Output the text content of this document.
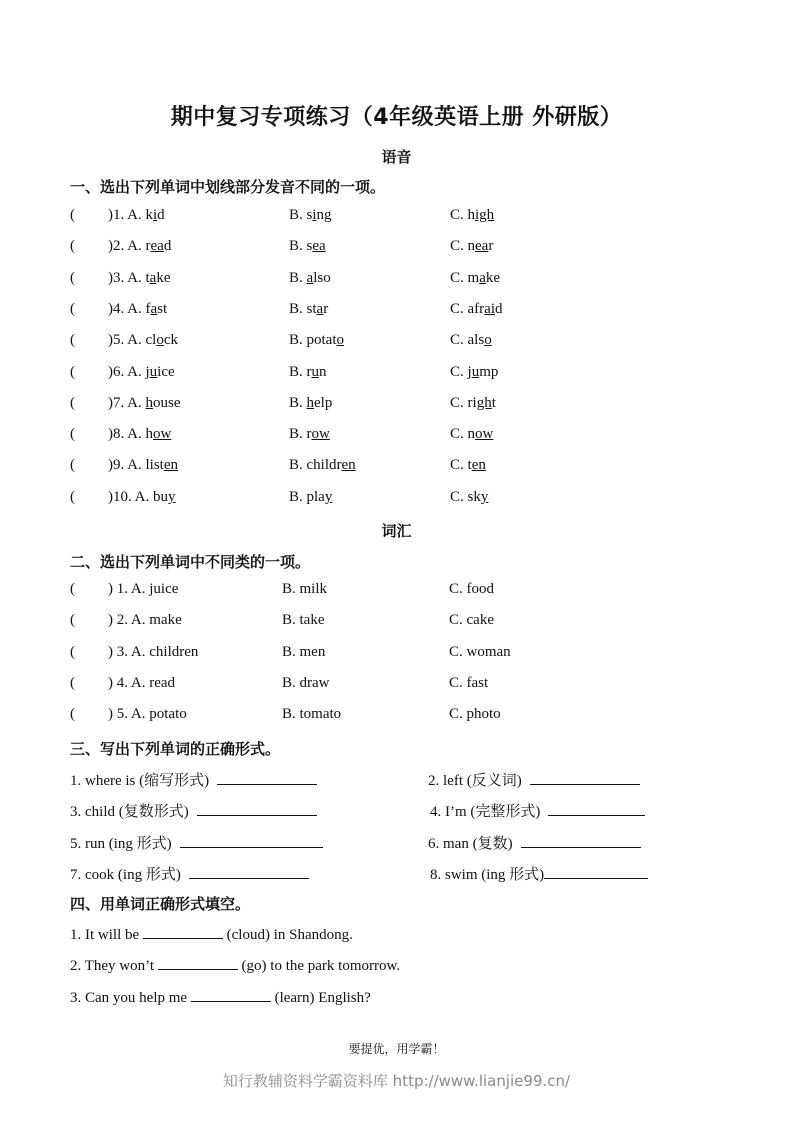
期中复习专项练习（4年级英语上册 外研版）
语音
一、选出下列单词中划线部分发音不同的一项。
( )1. A. kid	B. sing	C. high
( )2. A. read	B. sea	C. near
( )3. A. take	B. also	C. make
( )4. A. fast	B. star	C. afraid
( )5. A. clock	B. potato	C. also
( )6. A. juice	B. run	C. jump
( )7. A. house	B. help	C. right
( )8. A. how	B. row	C. now
( )9. A. listen	B. children	C. ten
( )10. A. buy	B. play	C. sky
词汇
二、选出下列单词中不同类的一项。
( ) 1. A. juice	B. milk	C. food
( ) 2. A. make	B. take	C. cake
( ) 3. A. children	B. men	C. woman
( ) 4. A. read	B. draw	C. fast
( ) 5. A. potato	B. tomato	C. photo
三、写出下列单词的正确形式。
1. where is (缩写形式)	2. left (反义词)
3. child (复数形式)	4. I’m (完整形式)
5. run (ing 形式)	6. man (复数)
7. cook (ing 形式)	8. swim (ing 形式)
四、用单词正确形式填空。
1. It will be	(cloud) in Shandong.
2. They won’t	(go) to the park tomorrow.
3. Can you help me	(learn) English?
要提优，用学霸！
知行教辅资料学霸资料库 http://www.lianjie99.cn/
